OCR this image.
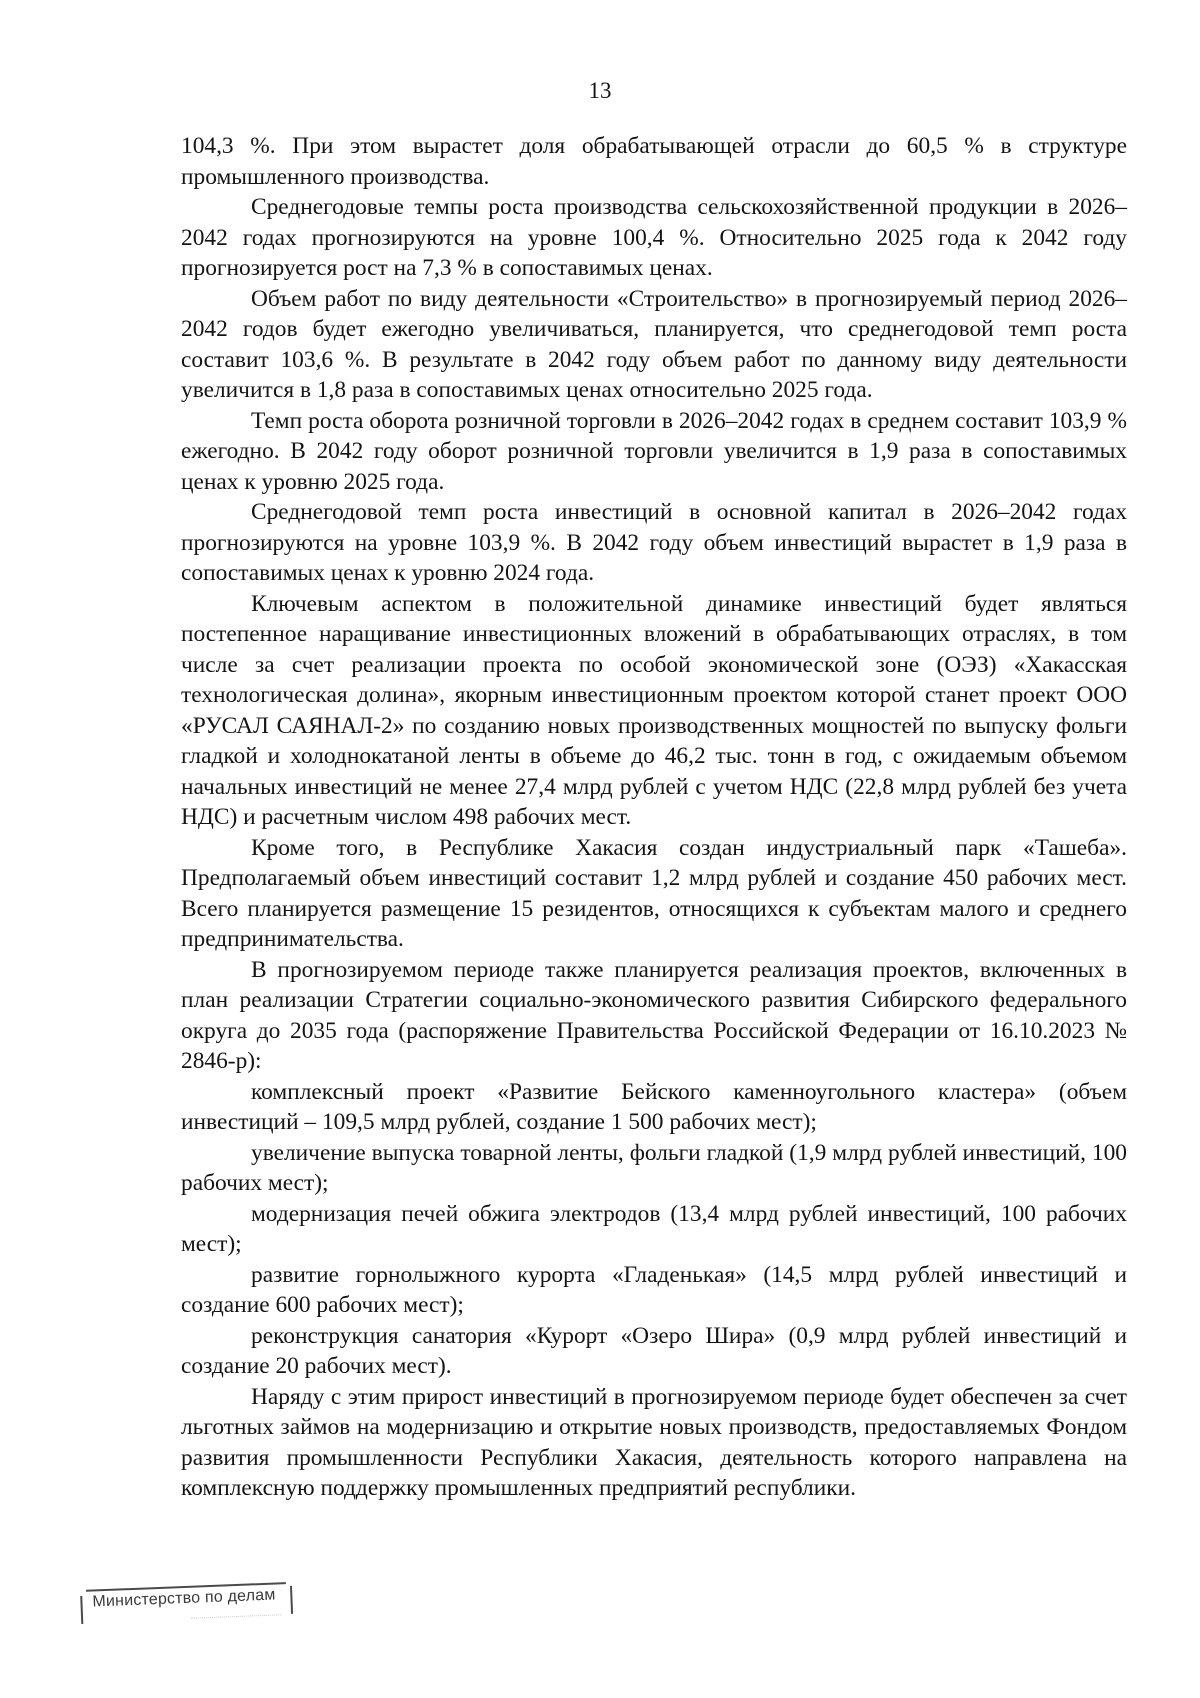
13

104,3 %. При этом вырастет доля обрабатывающей отрасли до 60,5 % в структуре промышленного производства.

Среднегодовые темпы роста производства сельскохозяйственной продукции в 2026–2042 годах прогнозируются на уровне 100,4 %. Относительно 2025 года к 2042 году прогнозируется рост на 7,3 % в сопоставимых ценах.

Объем работ по виду деятельности «Строительство» в прогнозируемый период 2026–2042 годов будет ежегодно увеличиваться, планируется, что среднегодовой темп роста составит 103,6 %. В результате в 2042 году объем работ по данному виду деятельности увеличится в 1,8 раза в сопоставимых ценах относительно 2025 года.

Темп роста оборота розничной торговли в 2026–2042 годах в среднем составит 103,9 % ежегодно. В 2042 году оборот розничной торговли увеличится в 1,9 раза в сопоставимых ценах к уровню 2025 года.

Среднегодовой темп роста инвестиций в основной капитал в 2026–2042 годах прогнозируются на уровне 103,9 %. В 2042 году объем инвестиций вырастет в 1,9 раза в сопоставимых ценах к уровню 2024 года.

Ключевым аспектом в положительной динамике инвестиций будет являться постепенное наращивание инвестиционных вложений в обрабатывающих отраслях, в том числе за счет реализации проекта по особой экономической зоне (ОЭЗ) «Хакасская технологическая долина», якорным инвестиционным проектом которой станет проект ООО «РУСАЛ САЯНАЛ-2» по созданию новых производственных мощностей по выпуску фольги гладкой и холоднокатаной ленты в объеме до 46,2 тыс. тонн в год, с ожидаемым объемом начальных инвестиций не менее 27,4 млрд рублей с учетом НДС (22,8 млрд рублей без учета НДС) и расчетным числом 498 рабочих мест.

Кроме того, в Республике Хакасия создан индустриальный парк «Ташеба». Предполагаемый объем инвестиций составит 1,2 млрд рублей и создание 450 рабочих мест. Всего планируется размещение 15 резидентов, относящихся к субъектам малого и среднего предпринимательства.

В прогнозируемом периоде также планируется реализация проектов, включенных в план реализации Стратегии социально-экономического развития Сибирского федерального округа до 2035 года (распоряжение Правительства Российской Федерации от 16.10.2023 № 2846-р):

комплексный проект «Развитие Бейского каменноугольного кластера» (объем инвестиций – 109,5 млрд рублей, создание 1 500 рабочих мест);

увеличение выпуска товарной ленты, фольги гладкой (1,9 млрд рублей инвестиций, 100 рабочих мест);

модернизация печей обжига электродов (13,4 млрд рублей инвестиций, 100 рабочих мест);

развитие горнолыжного курорта «Гладенькая» (14,5 млрд рублей инвестиций и создание 600 рабочих мест);

реконструкция санатория «Курорт «Озеро Шира» (0,9 млрд рублей инвестиций и создание 20 рабочих мест).

Наряду с этим прирост инвестиций в прогнозируемом периоде будет обеспечен за счет льготных займов на модернизацию и открытие новых производств, предоставляемых Фондом развития промышленности Республики Хакасия, деятельность которого направлена на комплексную поддержку промышленных предприятий республики.

Министерство по делам
